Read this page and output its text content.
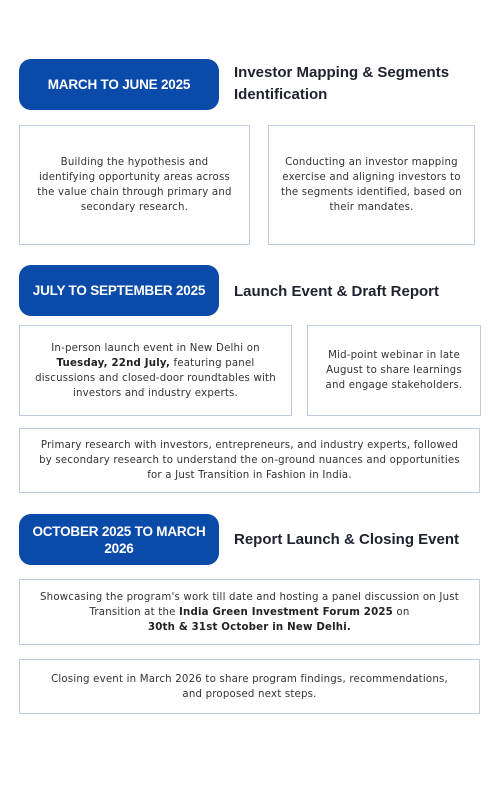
MARCH TO JUNE 2025
Investor Mapping & Segments Identification

Building the hypothesis and identifying opportunity areas across the value chain through primary and secondary research.

Conducting an investor mapping exercise and aligning investors to the segments identified, based on their mandates.

JULY TO SEPTEMBER 2025	Launch Event & Draft Report

In-person launch event in New Delhi on Tuesday, 22nd July, featuring panel discussions and closed-door roundtables with investors and industry experts.

Mid-point webinar in late August to share learnings and engage stakeholders.

Primary research with investors, entrepreneurs, and industry experts, followed by secondary research to understand the on-ground nuances and opportunities for a Just Transition in Fashion in India.

OCTOBER 2025 TO MARCH 2026	Report Launch & Closing Event

Showcasing the program's work till date and hosting a panel discussion on Just Transition at the India Green Investment Forum 2025 on
30th & 31st October in New Delhi.

Closing event in March 2026 to share program findings, recommendations, and proposed next steps.
